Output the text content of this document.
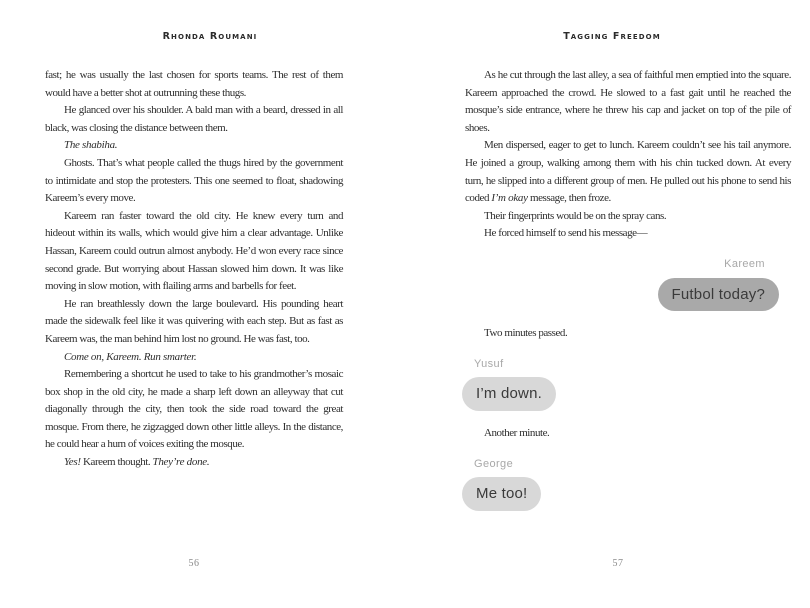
Rhonda Roumani	Tagging Freedom

fast; he was usually the last chosen for sports teams. The rest of them would have a better shot at outrunning these thugs.

He glanced over his shoulder. A bald man with a beard, dressed in all black, was closing the distance between them.

The shabiha.

Ghosts. That’s what people called the thugs hired by the government to intimidate and stop the protesters. This one seemed to float, shadowing Kareem’s every move.

Kareem ran faster toward the old city. He knew every turn and hideout within its walls, which would give him a clear advantage. Unlike Hassan, Kareem could outrun almost anybody. He’d won every race since second grade. But worrying about Hassan slowed him down. It was like moving in slow motion, with flailing arms and barbells for feet.

He ran breathlessly down the large boulevard. His pounding heart made the sidewalk feel like it was quivering with each step. But as fast as Kareem was, the man behind him lost no ground. He was fast, too.

Come on, Kareem. Run smarter.

Remembering a shortcut he used to take to his grandmother’s mosaic box shop in the old city, he made a sharp left down an alleyway that cut diagonally through the city, then took the side road toward the great mosque. From there, he zigzagged down other little alleys. In the distance, he could hear a hum of voices exiting the mosque.

Yes! Kareem thought. They’re done.

As he cut through the last alley, a sea of faithful men emptied into the square. Kareem approached the crowd. He slowed to a fast gait until he reached the mosque’s side entrance, where he threw his cap and jacket on top of the pile of shoes.

Men dispersed, eager to get to lunch. Kareem couldn’t see his tail anymore. He joined a group, walking among them with his chin tucked down. At every turn, he slipped into a different group of men. He pulled out his phone to send his coded I’m okay message, then froze.

Their fingerprints would be on the spray cans.

He forced himself to send his message—

Kareem
Futbol today?

Two minutes passed.

Yusuf
I’m down.

Another minute.

George
Me too!
56	57
